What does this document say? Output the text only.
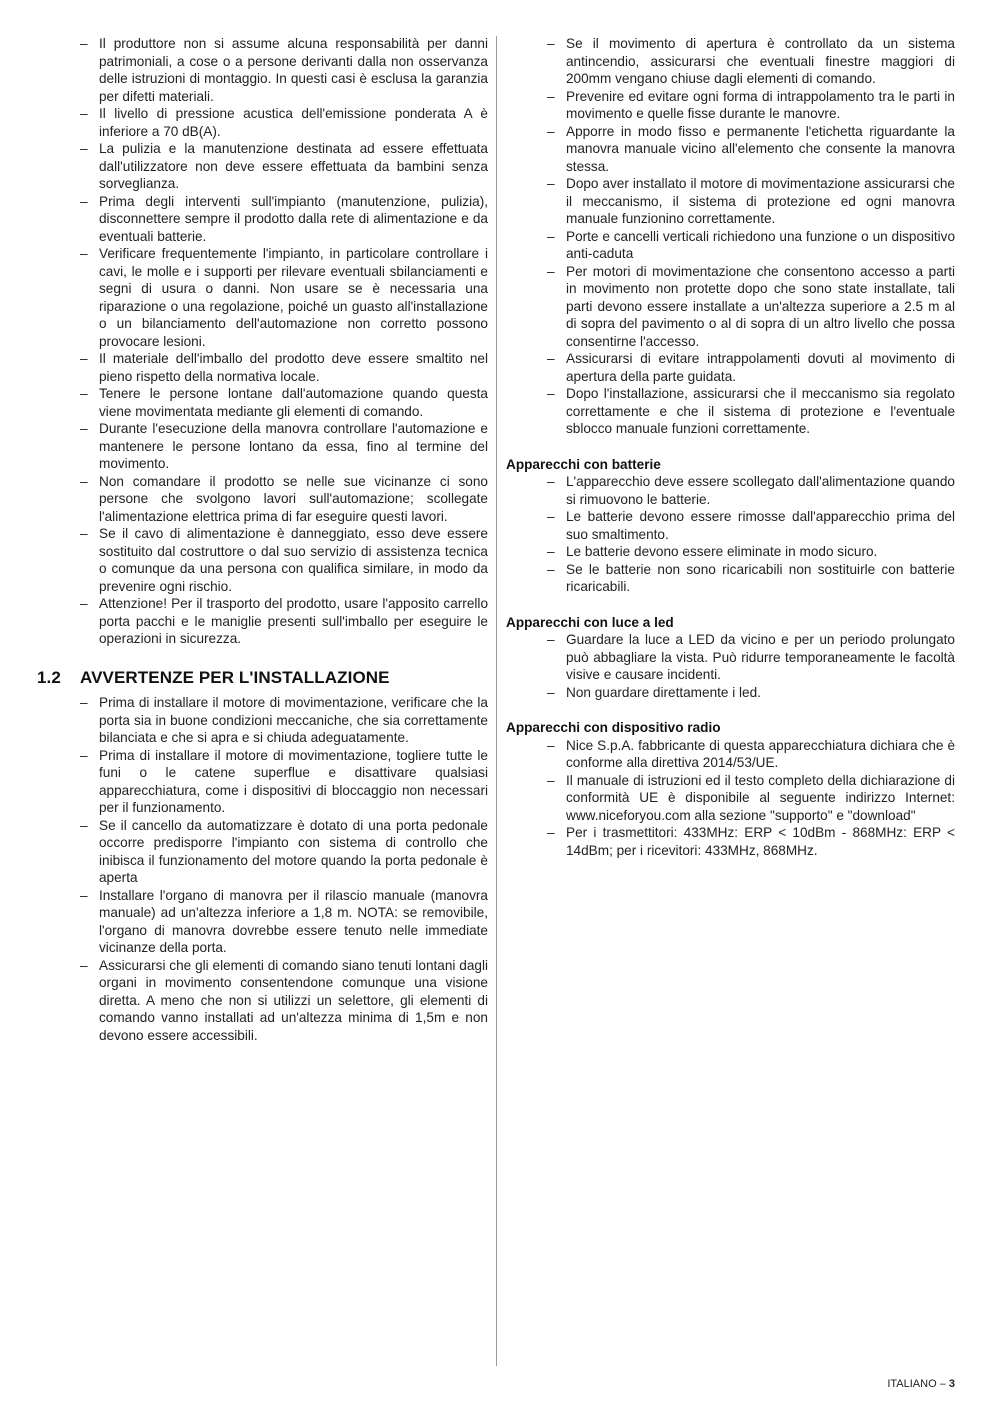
– Il produttore non si assume alcuna responsabilità per danni patrimoniali, a cose o a persone derivanti dalla non osservanza delle istruzioni di montaggio. In questi casi è esclusa la garanzia per difetti materiali.
– Il livello di pressione acustica dell'emissione ponderata A è inferiore a 70 dB(A).
– La pulizia e la manutenzione destinata ad essere effettuata dall'utilizzatore non deve essere effettuata da bambini senza sorveglianza.
– Prima degli interventi sull'impianto (manutenzione, pulizia), disconnettere sempre il prodotto dalla rete di alimentazione e da eventuali batterie.
– Verificare frequentemente l'impianto, in particolare controllare i cavi, le molle e i supporti per rilevare eventuali sbilanciamenti e segni di usura o danni. Non usare se è necessaria una riparazione o una regolazione, poiché un guasto all'installazione o un bilanciamento dell'automazione non corretto possono provocare lesioni.
– Il materiale dell'imballo del prodotto deve essere smaltito nel pieno rispetto della normativa locale.
– Tenere le persone lontane dall'automazione quando questa viene movimentata mediante gli elementi di comando.
– Durante l'esecuzione della manovra controllare l'automazione e mantenere le persone lontano da essa, fino al termine del movimento.
– Non comandare il prodotto se nelle sue vicinanze ci sono persone che svolgono lavori sull'automazione; scollegate l'alimentazione elettrica prima di far eseguire questi lavori.
– Se il cavo di alimentazione è danneggiato, esso deve essere sostituito dal costruttore o dal suo servizio di assistenza tecnica o comunque da una persona con qualifica similare, in modo da prevenire ogni rischio.
– Attenzione! Per il trasporto del prodotto, usare l'apposito carrello porta pacchi e le maniglie presenti sull'imballo per eseguire le operazioni in sicurezza.
1.2 AVVERTENZE PER L'INSTALLAZIONE
– Prima di installare il motore di movimentazione, verificare che la porta sia in buone condizioni meccaniche, che sia correttamente bilanciata e che si apra e si chiuda adeguatamente.
– Prima di installare il motore di movimentazione, togliere tutte le funi o le catene superflue e disattivare qualsiasi apparecchiatura, come i dispositivi di bloccaggio non necessari per il funzionamento.
– Se il cancello da automatizzare è dotato di una porta pedonale occorre predisporre l'impianto con sistema di controllo che inibisca il funzionamento del motore quando la porta pedonale è aperta
– Installare l'organo di manovra per il rilascio manuale (manovra manuale) ad un'altezza inferiore a 1,8 m. NOTA: se removibile, l'organo di manovra dovrebbe essere tenuto nelle immediate vicinanze della porta.
– Assicurarsi che gli elementi di comando siano tenuti lontani dagli organi in movimento consentendone comunque una visione diretta. A meno che non si utilizzi un selettore, gli elementi di comando vanno installati ad un'altezza minima di 1,5m e non devono essere accessibili.
– Se il movimento di apertura è controllato da un sistema antincendio, assicurarsi che eventuali finestre maggiori di 200mm vengano chiuse dagli elementi di comando.
– Prevenire ed evitare ogni forma di intrappolamento tra le parti in movimento e quelle fisse durante le manovre.
– Apporre in modo fisso e permanente l'etichetta riguardante la manovra manuale vicino all'elemento che consente la manovra stessa.
– Dopo aver installato il motore di movimentazione assicurarsi che il meccanismo, il sistema di protezione ed ogni manovra manuale funzionino correttamente.
– Porte e cancelli verticali richiedono una funzione o un dispositivo anti-caduta
– Per motori di movimentazione che consentono accesso a parti in movimento non protette dopo che sono state installate, tali parti devono essere installate a un'altezza superiore a 2.5 m al di sopra del pavimento o al di sopra di un altro livello che possa consentirne l'accesso.
– Assicurarsi di evitare intrappolamenti dovuti al movimento di apertura della parte guidata.
– Dopo l'installazione, assicurarsi che il meccanismo sia regolato correttamente e che il sistema di protezione e l'eventuale sblocco manuale funzioni correttamente.

Apparecchi con batterie

– L'apparecchio deve essere scollegato dall'alimentazione quando si rimuovono le batterie.
– Le batterie devono essere rimosse dall'apparecchio prima del suo smaltimento.
– Le batterie devono essere eliminate in modo sicuro.
– Se le batterie non sono ricaricabili non sostituirle con batterie ricaricabili.

Apparecchi con luce a led

– Guardare la luce a LED da vicino e per un periodo prolungato può abbagliare la vista. Può ridurre temporaneamente le facoltà visive e causare incidenti.
– Non guardare direttamente i led.

Apparecchi con dispositivo radio

– Nice S.p.A. fabbricante di questa apparecchiatura dichiara che è conforme alla direttiva 2014/53/UE.
– Il manuale di istruzioni ed il testo completo della dichiarazione di conformità UE è disponibile al seguente indirizzo Internet: www.niceforyou.com alla sezione "supporto" e "download"
– Per i trasmettitori: 433MHz: ERP < 10dBm - 868MHz: ERP < 14dBm; per i ricevitori: 433MHz, 868MHz.
ITALIANO – 3
